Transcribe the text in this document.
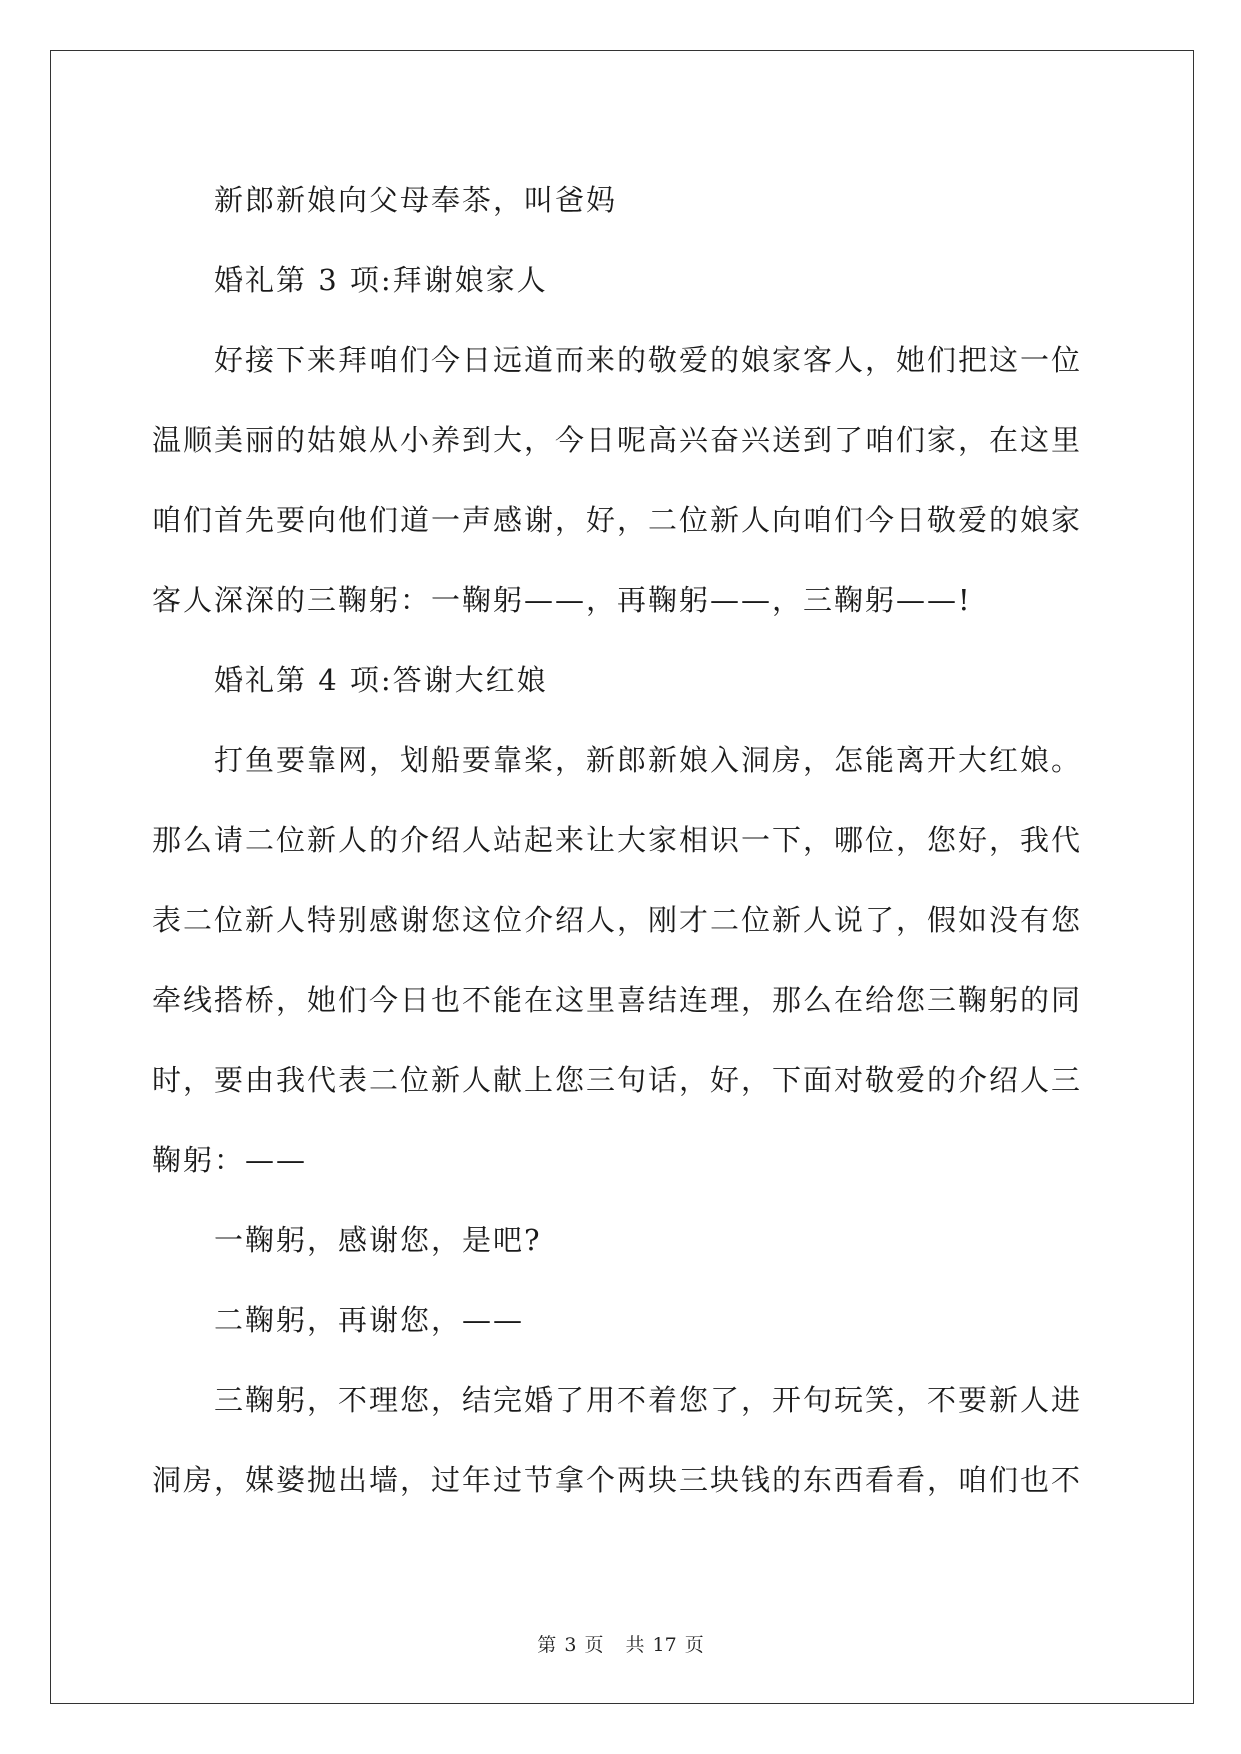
新郎新娘向父母奉茶，叫爸妈

婚礼第 3 项:拜谢娘家人

好接下来拜咱们今日远道而来的敬爱的娘家客人，她们把这一位

温顺美丽的姑娘从小养到大，今日呢高兴奋兴送到了咱们家，在这里

咱们首先要向他们道一声感谢，好，二位新人向咱们今日敬爱的娘家

客人深深的三鞠躬：一鞠躬——，再鞠躬——，三鞠躬——!

婚礼第 4 项:答谢大红娘

打鱼要靠网，划船要靠桨，新郎新娘入洞房，怎能离开大红娘。

那么请二位新人的介绍人站起来让大家相识一下，哪位，您好，我代

表二位新人特别感谢您这位介绍人，刚才二位新人说了，假如没有您

牵线搭桥，她们今日也不能在这里喜结连理，那么在给您三鞠躬的同

时，要由我代表二位新人献上您三句话，好，下面对敬爱的介绍人三

鞠躬：——

一鞠躬，感谢您，是吧?

二鞠躬，再谢您，——

三鞠躬，不理您，结完婚了用不着您了，开句玩笑，不要新人进

洞房，媒婆抛出墙，过年过节拿个两块三块钱的东西看看，咱们也不

第 3 页 共 17 页
